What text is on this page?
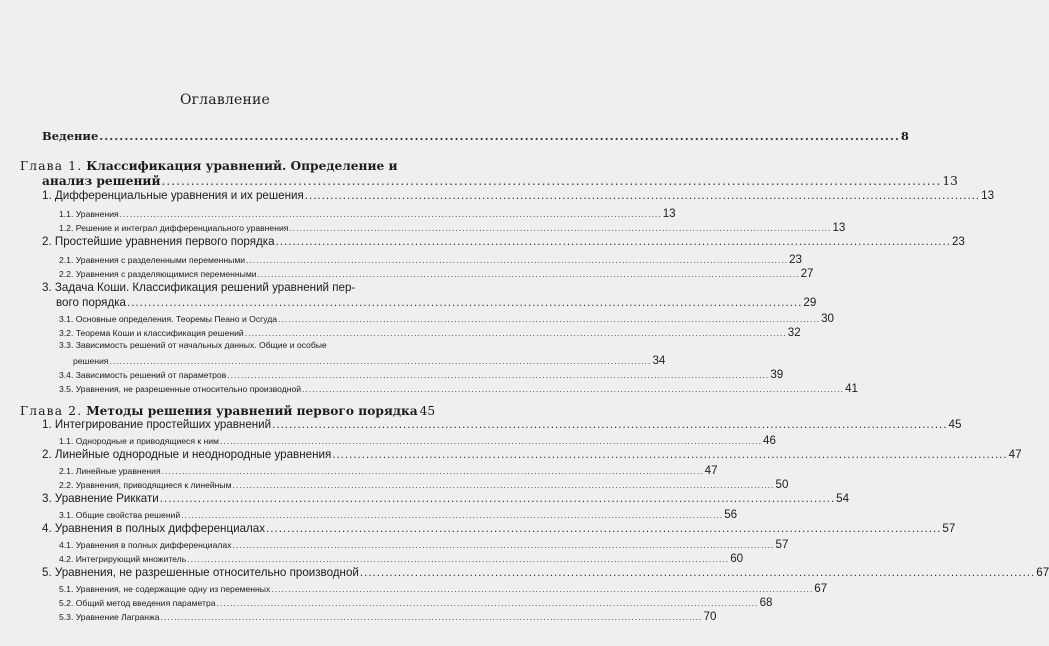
Оглавление
Ведение ................................................................................................................................................................ 8
Глава 1. Классификация уравнений. Определение и
анализ решений ................................................................................................................................................................ 13
1. Дифференциальные уравнения и их решения ................................................................................................................................................................ 13
1.1. Уравнения ................................................................................................................................................................ 13
1.2. Решение и интеграл дифференциального уравнения ................................................................................................................................................................ 13
2. Простейшие уравнения первого порядка ................................................................................................................................................................ 23
2.1. Уравнения с разделенными переменными ................................................................................................................................................................ 23
2.2. Уравнения с разделяющимися переменными ................................................................................................................................................................ 27
3. Задача Коши. Классификация решений уравнений пер-
вого порядка ................................................................................................................................................................ 29
3.1. Основные определения. Теоремы Пеано и Осгуда ................................................................................................................................................................ 30
3.2. Теорема Коши и классификация решений ................................................................................................................................................................ 32
3.3. Зависимость решений от начальных данных. Общие и особые
решения ................................................................................................................................................................ 34
3.4. Зависимость решений от параметров ................................................................................................................................................................ 39
3.5. Уравнения, не разрешенные относительно производной ................................................................................................................................................................ 41
Глава 2. Методы решения уравнений первого порядка 45
1. Интегрирование простейших уравнений ................................................................................................................................................................ 45
1.1. Однородные и приводящиеся к ним ................................................................................................................................................................ 46
2. Линейные однородные и неоднородные уравнения ................................................................................................................................................................ 47
2.1. Линейные уравнения ................................................................................................................................................................ 47
2.2. Уравнения, приводящиеся к линейным ................................................................................................................................................................ 50
3. Уравнение Риккати ................................................................................................................................................................ 54
3.1. Общие свойства решений ................................................................................................................................................................ 56
4. Уравнения в полных дифференциалах ................................................................................................................................................................ 57
4.1. Уравнения в полных дифференциалах ................................................................................................................................................................ 57
4.2. Интегрирующий множитель ................................................................................................................................................................ 60
5. Уравнения, не разрешенные относительно производной ................................................................................................................................................................ 67
5.1. Уравнения, не содержащие одну из переменных ................................................................................................................................................................ 67
5.2. Общий метод введения параметра ................................................................................................................................................................ 68
5.3. Уравнение Лагранжа ................................................................................................................................................................ 70
